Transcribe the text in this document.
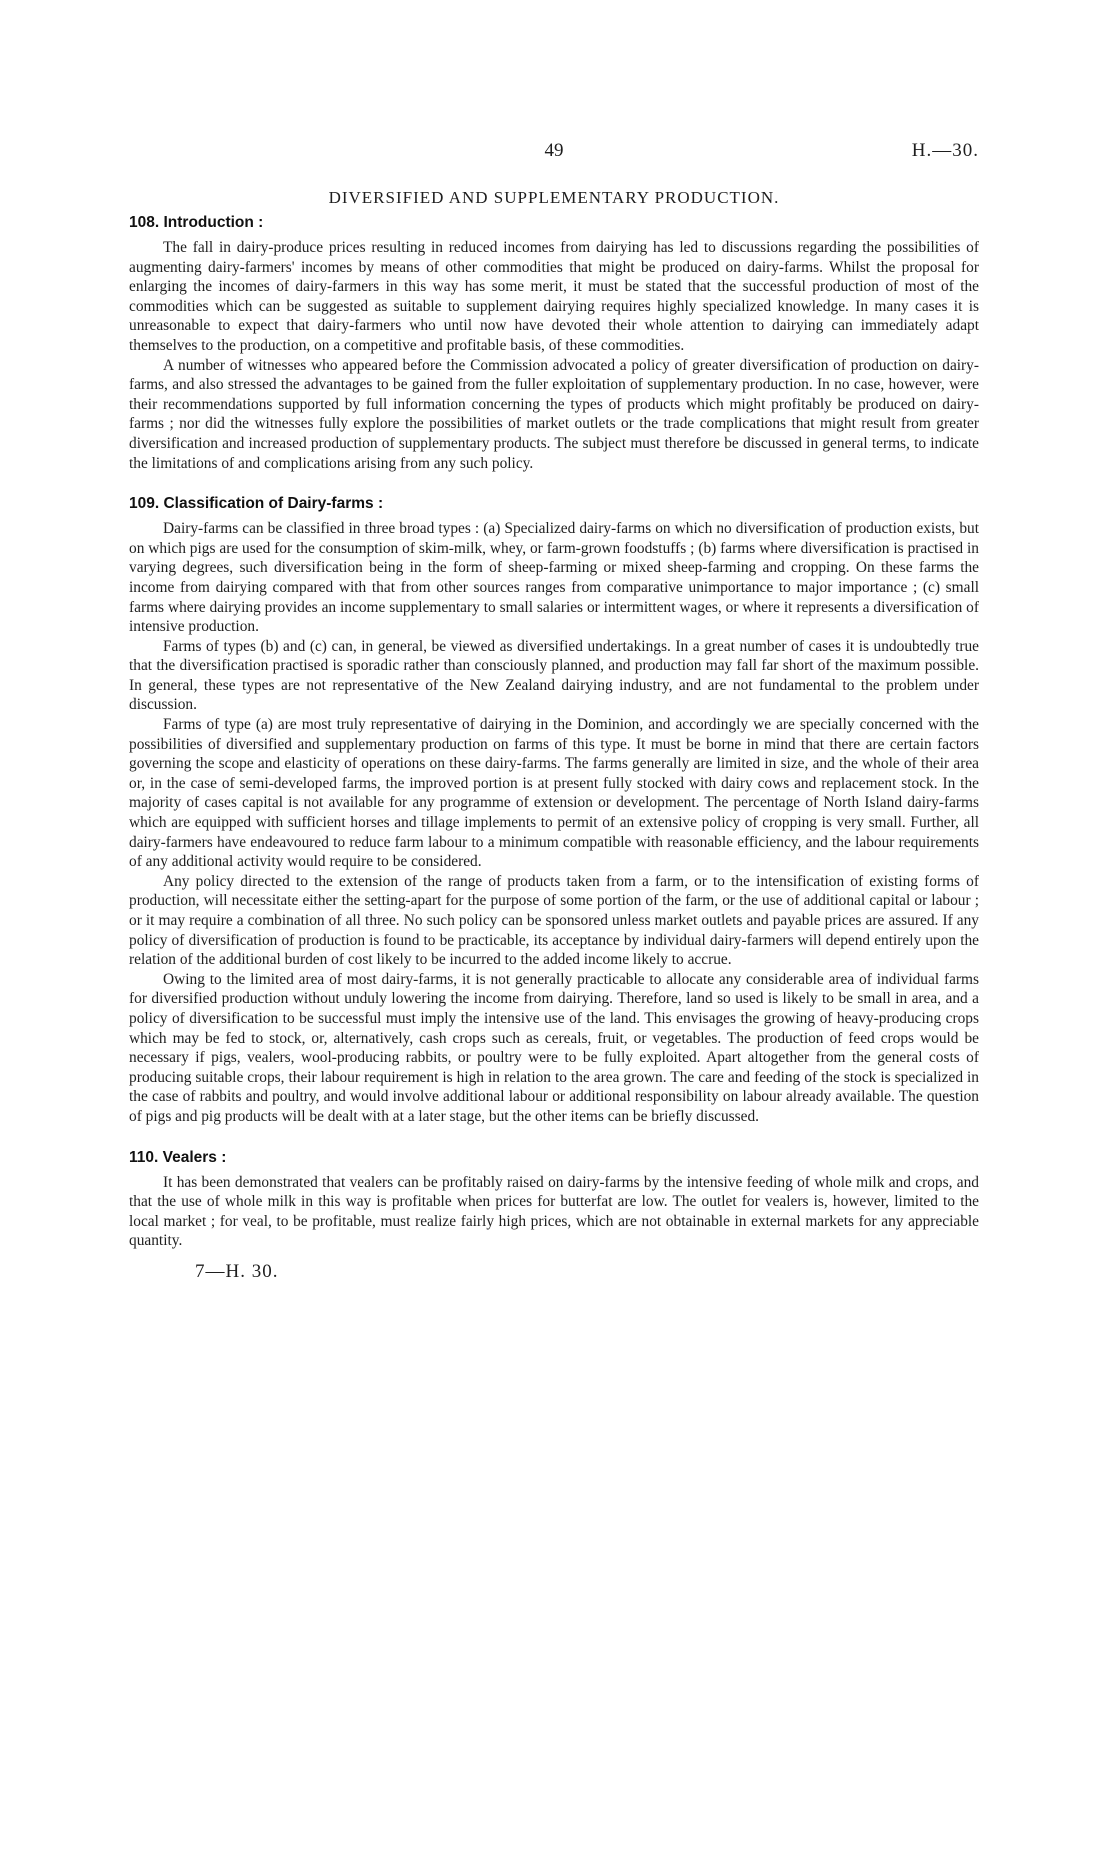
49	H.—30.
DIVERSIFIED AND SUPPLEMENTARY PRODUCTION.
108. Introduction :

The fall in dairy-produce prices resulting in reduced incomes from dairying has led to discussions regarding the possibilities of augmenting dairy-farmers' incomes by means of other commodities that might be produced on dairy-farms. Whilst the proposal for enlarging the incomes of dairy-farmers in this way has some merit, it must be stated that the successful production of most of the commodities which can be suggested as suitable to supplement dairying requires highly specialized knowledge. In many cases it is unreasonable to expect that dairy-farmers who until now have devoted their whole attention to dairying can immediately adapt themselves to the production, on a competitive and profitable basis, of these commodities.

A number of witnesses who appeared before the Commission advocated a policy of greater diversification of production on dairy-farms, and also stressed the advantages to be gained from the fuller exploitation of supplementary production. In no case, however, were their recommendations supported by full information concerning the types of products which might profitably be produced on dairy-farms ; nor did the witnesses fully explore the possibilities of market outlets or the trade complications that might result from greater diversification and increased production of supplementary products. The subject must therefore be discussed in general terms, to indicate the limitations of and complications arising from any such policy.

109. Classification of Dairy-farms :

Dairy-farms can be classified in three broad types : (a) Specialized dairy-farms on which no diversification of production exists, but on which pigs are used for the consumption of skim-milk, whey, or farm-grown foodstuffs ; (b) farms where diversification is practised in varying degrees, such diversification being in the form of sheep-farming or mixed sheep-farming and cropping. On these farms the income from dairying compared with that from other sources ranges from comparative unimportance to major importance ; (c) small farms where dairying provides an income supplementary to small salaries or intermittent wages, or where it represents a diversification of intensive production.

Farms of types (b) and (c) can, in general, be viewed as diversified undertakings. In a great number of cases it is undoubtedly true that the diversification practised is sporadic rather than consciously planned, and production may fall far short of the maximum possible. In general, these types are not representative of the New Zealand dairying industry, and are not fundamental to the problem under discussion.

Farms of type (a) are most truly representative of dairying in the Dominion, and accordingly we are specially concerned with the possibilities of diversified and supplementary production on farms of this type. It must be borne in mind that there are certain factors governing the scope and elasticity of operations on these dairy-farms. The farms generally are limited in size, and the whole of their area or, in the case of semi-developed farms, the improved portion is at present fully stocked with dairy cows and replacement stock. In the majority of cases capital is not available for any programme of extension or development. The percentage of North Island dairy-farms which are equipped with sufficient horses and tillage implements to permit of an extensive policy of cropping is very small. Further, all dairy-farmers have endeavoured to reduce farm labour to a minimum compatible with reasonable efficiency, and the labour requirements of any additional activity would require to be considered.

Any policy directed to the extension of the range of products taken from a farm, or to the intensification of existing forms of production, will necessitate either the setting-apart for the purpose of some portion of the farm, or the use of additional capital or labour ; or it may require a combination of all three. No such policy can be sponsored unless market outlets and payable prices are assured. If any policy of diversification of production is found to be practicable, its acceptance by individual dairy-farmers will depend entirely upon the relation of the additional burden of cost likely to be incurred to the added income likely to accrue.

Owing to the limited area of most dairy-farms, it is not generally practicable to allocate any considerable area of individual farms for diversified production without unduly lowering the income from dairying. Therefore, land so used is likely to be small in area, and a policy of diversification to be successful must imply the intensive use of the land. This envisages the growing of heavy-producing crops which may be fed to stock, or, alternatively, cash crops such as cereals, fruit, or vegetables. The production of feed crops would be necessary if pigs, vealers, wool-producing rabbits, or poultry were to be fully exploited. Apart altogether from the general costs of producing suitable crops, their labour requirement is high in relation to the area grown. The care and feeding of the stock is specialized in the case of rabbits and poultry, and would involve additional labour or additional responsibility on labour already available. The question of pigs and pig products will be dealt with at a later stage, but the other items can be briefly discussed.

110. Vealers :

It has been demonstrated that vealers can be profitably raised on dairy-farms by the intensive feeding of whole milk and crops, and that the use of whole milk in this way is profitable when prices for butterfat are low. The outlet for vealers is, however, limited to the local market ; for veal, to be profitable, must realize fairly high prices, which are not obtainable in external markets for any appreciable quantity.

7—H. 30.
